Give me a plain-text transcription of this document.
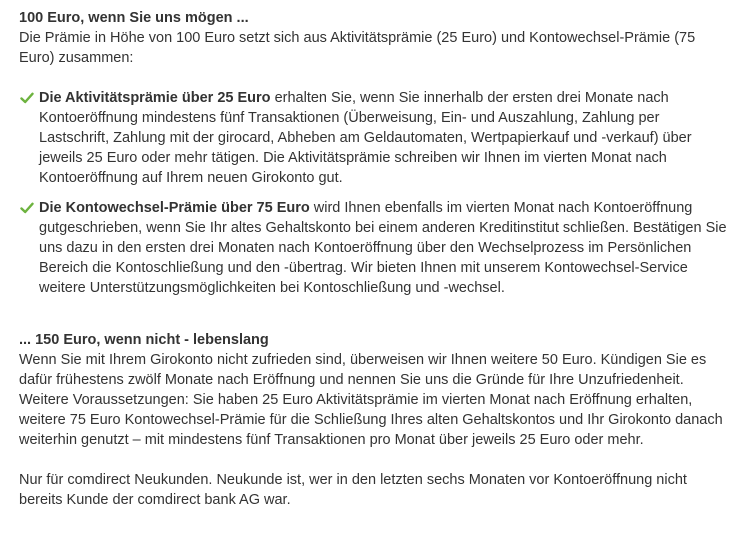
100 Euro, wenn Sie uns mögen ...

Die Prämie in Höhe von 100 Euro setzt sich aus Aktivitätsprämie (25 Euro) und Kontowechsel-Prämie (75 Euro) zusammen:

Die Aktivitätsprämie über 25 Euro erhalten Sie, wenn Sie innerhalb der ersten drei Monate nach Kontoeröffnung mindestens fünf Transaktionen (Überweisung, Ein- und Auszahlung, Zahlung per Lastschrift, Zahlung mit der girocard, Abheben am Geldautomaten, Wertpapierkauf und -verkauf) über jeweils 25 Euro oder mehr tätigen. Die Aktivitätsprämie schreiben wir Ihnen im vierten Monat nach Kontoeröffnung auf Ihrem neuen Girokonto gut.
Die Kontowechsel-Prämie über 75 Euro wird Ihnen ebenfalls im vierten Monat nach Kontoeröffnung gutgeschrieben, wenn Sie Ihr altes Gehaltskonto bei einem anderen Kreditinstitut schließen. Bestätigen Sie uns dazu in den ersten drei Monaten nach Kontoeröffnung über den Wechselprozess im Persönlichen Bereich die Kontoschließung und den -übertrag. Wir bieten Ihnen mit unserem Kontowechsel-Service weitere Unterstützungsmöglichkeiten bei Kontoschließung und -wechsel.

... 150 Euro, wenn nicht - lebenslang

Wenn Sie mit Ihrem Girokonto nicht zufrieden sind, überweisen wir Ihnen weitere 50 Euro. Kündigen Sie es dafür frühestens zwölf Monate nach Eröffnung und nennen Sie uns die Gründe für Ihre Unzufriedenheit. Weitere Voraussetzungen: Sie haben 25 Euro Aktivitätsprämie im vierten Monat nach Eröffnung erhalten, weitere 75 Euro Kontowechsel-Prämie für die Schließung Ihres alten Gehaltskontos und Ihr Girokonto danach weiterhin genutzt – mit mindestens fünf Transaktionen pro Monat über jeweils 25 Euro oder mehr.

Nur für comdirect Neukunden. Neukunde ist, wer in den letzten sechs Monaten vor Kontoeröffnung nicht bereits Kunde der comdirect bank AG war.
